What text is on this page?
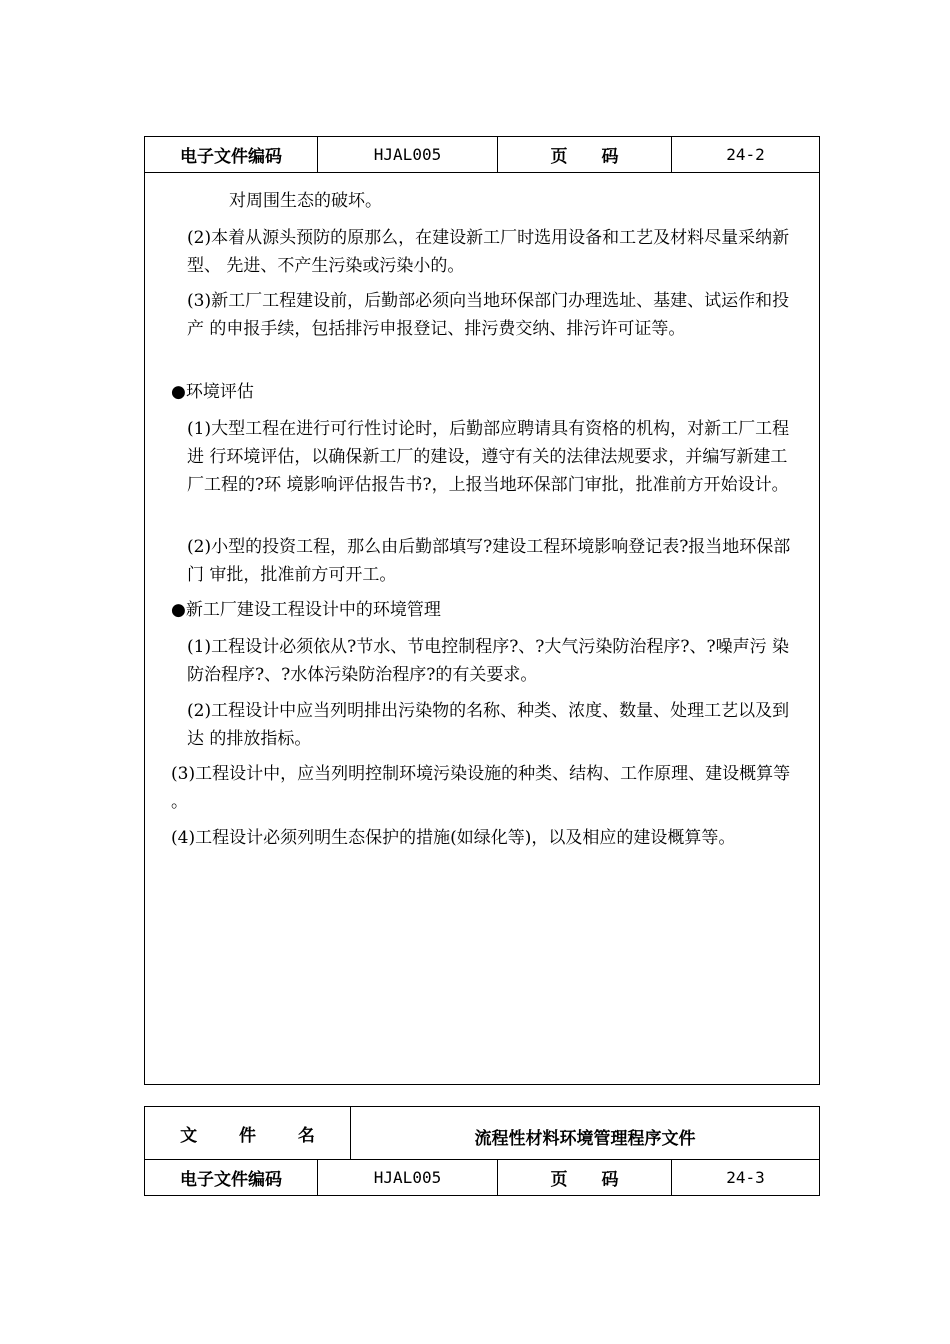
电子文件编码	HJAL005	页 码	24-2

对周围生态的破坏。

(2)本着从源头预防的原那么，在建设新工厂时选用设备和工艺及材料尽量采纳新型、 先进、不产生污染或污染小的。

(3)新工厂工程建设前，后勤部必须向当地环保部门办理选址、基建、试运作和投产 的申报手续，包括排污申报登记、排污费交纳、排污许可证等。

●环境评估

(1)大型工程在进行可行性讨论时，后勤部应聘请具有资格的机构，对新工厂工程进 行环境评估，以确保新工厂的建设，遵守有关的法律法规要求，并编写新建工厂工程的?环 境影响评估报告书?，上报当地环保部门审批，批准前方开始设计。

(2)小型的投资工程，那么由后勤部填写?建设工程环境影响登记表?报当地环保部门 审批，批准前方可开工。

●新工厂建设工程设计中的环境管理

(1)工程设计必须依从?节水、节电控制程序?、?大气污染防治程序?、?噪声污 染防治程序?、?水体污染防治程序?的有关要求。

(2)工程设计中应当列明排出污染物的名称、种类、浓度、数量、处理工艺以及到达 的排放指标。

(3)工程设计中，应当列明控制环境污染设施的种类、结构、工作原理、建设概算等 。

(4)工程设计必须列明生态保护的措施(如绿化等)，以及相应的建设概算等。

文 件 名	流程性材料环境管理程序文件
电子文件编码	HJAL005	页 码	24-3
